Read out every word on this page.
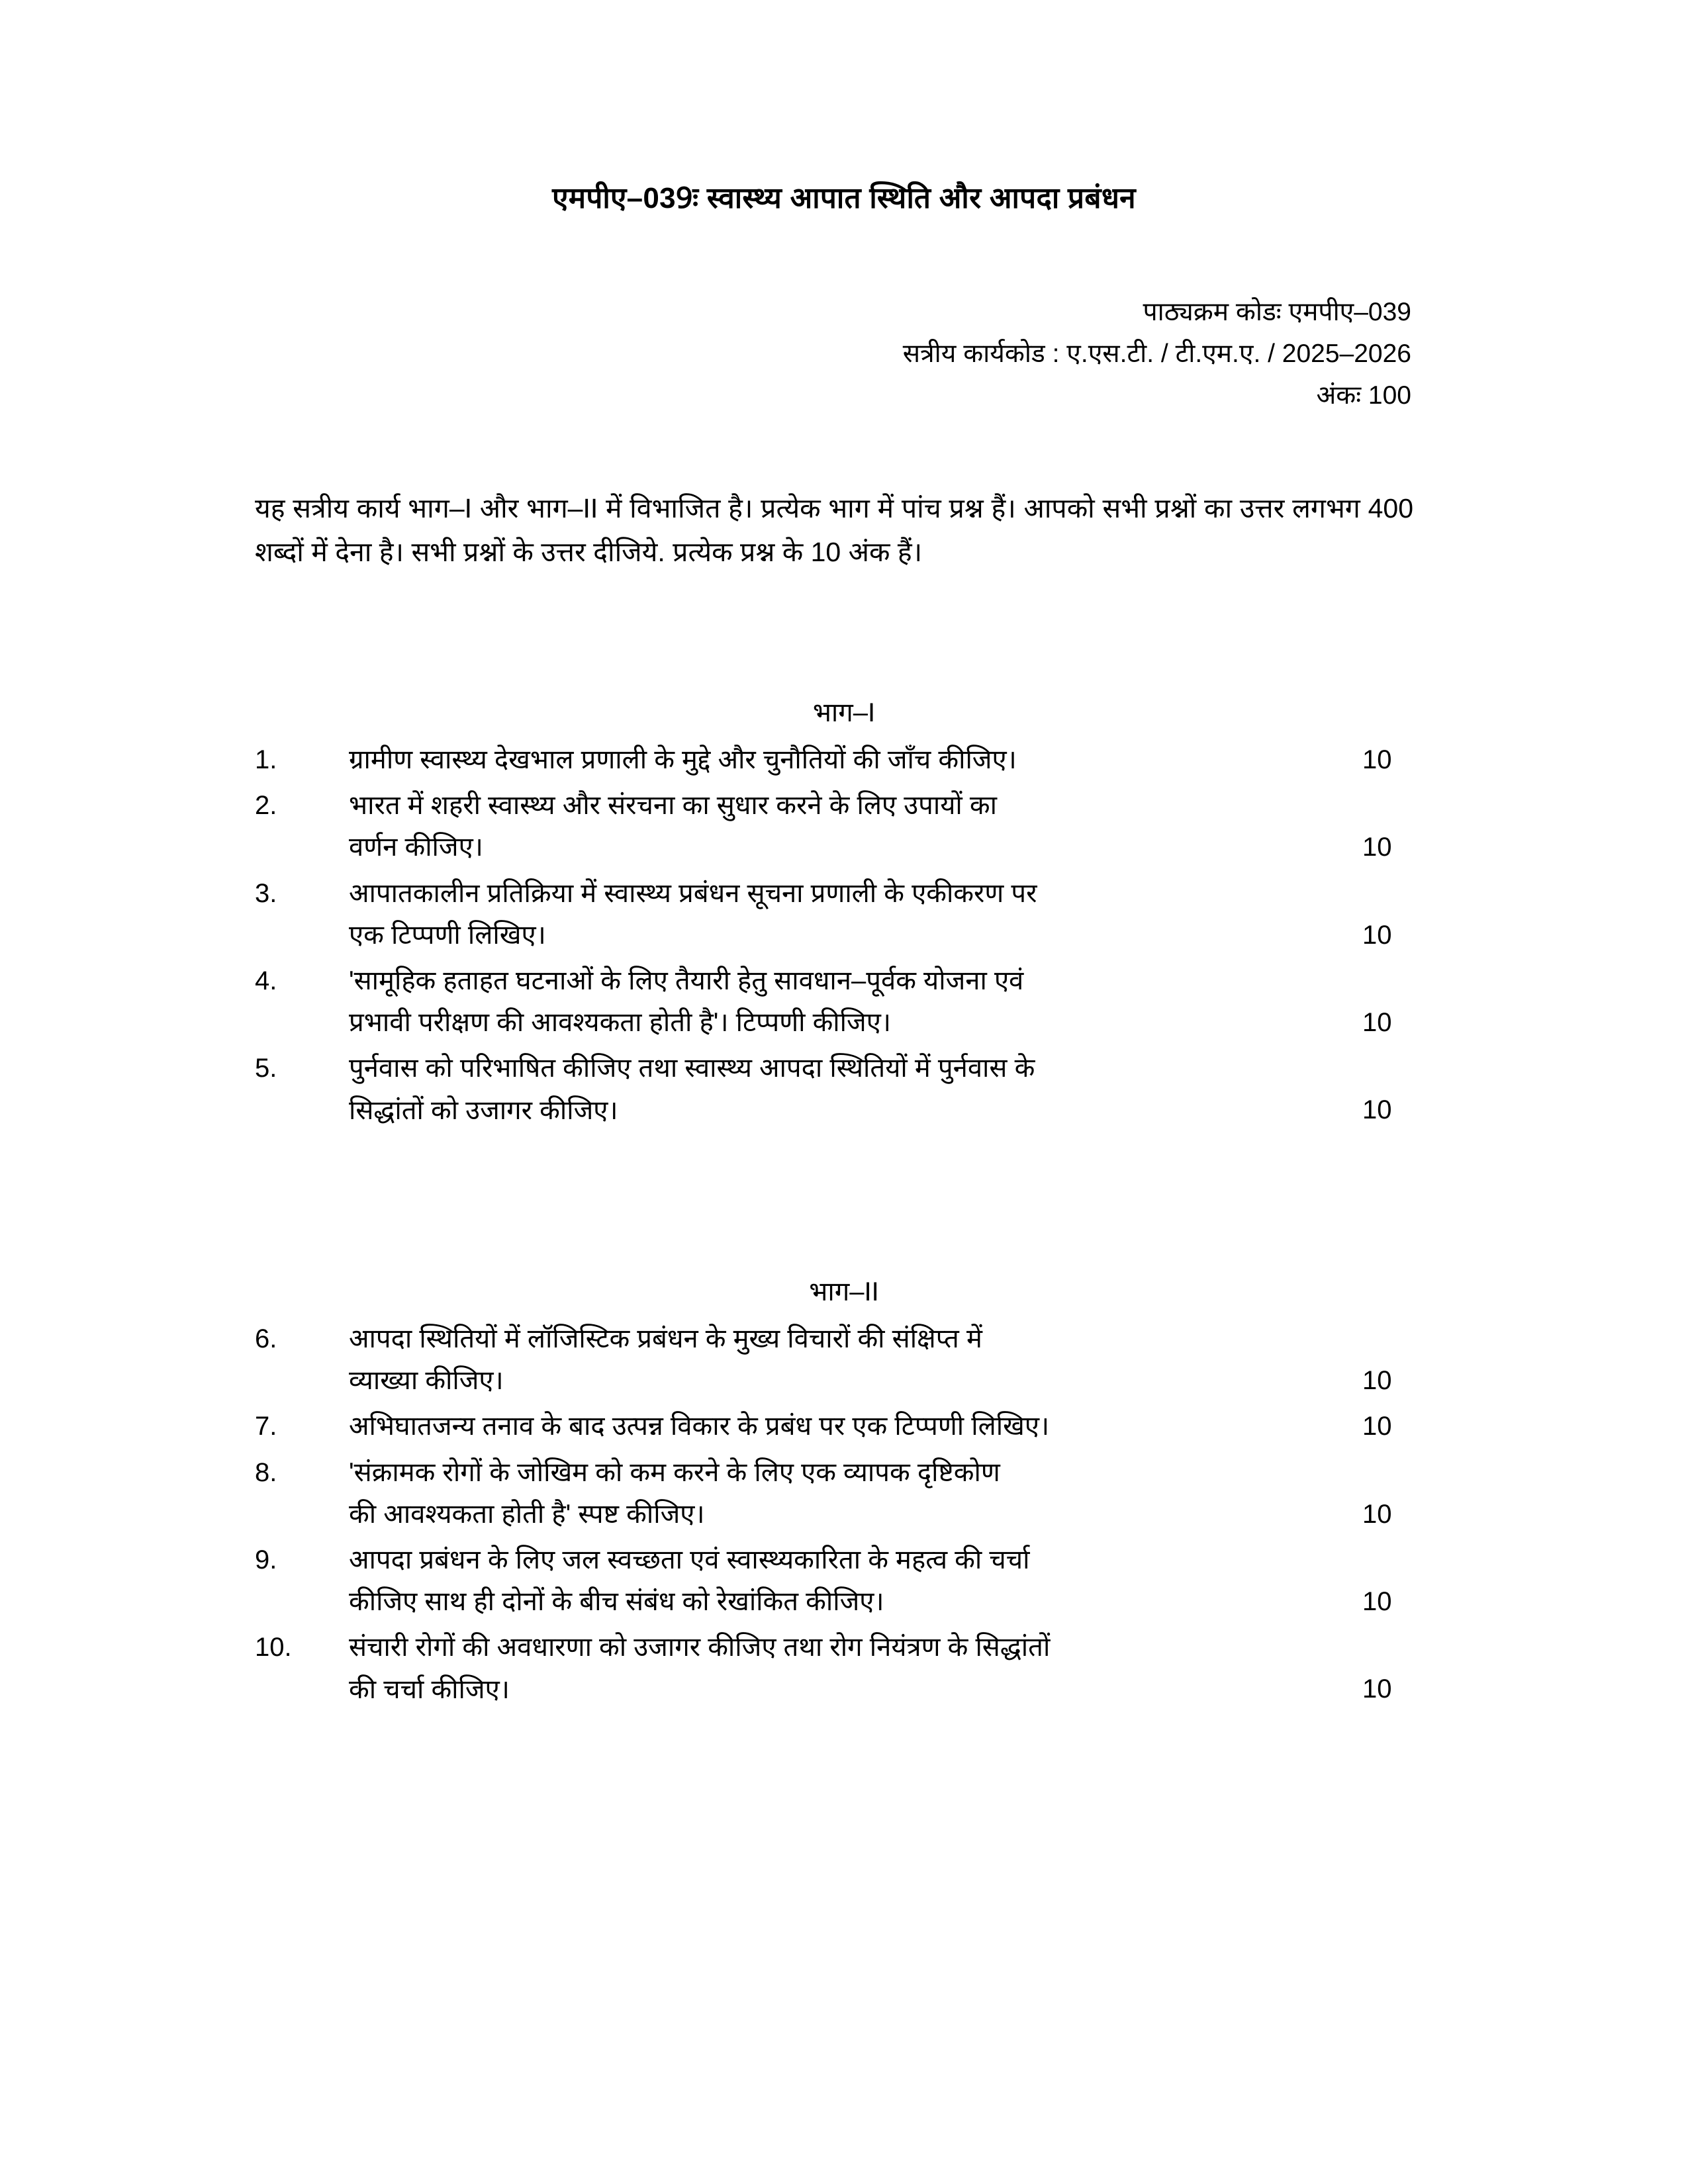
एमपीए–039ः स्वास्थ्य आपात स्थिति और आपदा प्रबंधन
पाठ्यक्रम कोडः एमपीए–039
सत्रीय कार्यकोड : ए.एस.टी. / टी.एम.ए. / 2025–2026
अंकः 100
यह सत्रीय कार्य भाग–I और भाग–II में विभाजित है। प्रत्येक भाग में पांच प्रश्न हैं। आपको सभी प्रश्नों का उत्तर लगभग 400 शब्दों में देना है। सभी प्रश्नों के उत्तर दीजिये. प्रत्येक प्रश्न के 10 अंक हैं।
भाग–I
1.	ग्रामीण स्वास्थ्य देखभाल प्रणाली के मुद्दे और चुनौतियों की जाँच कीजिए।	10
2.	भारत में शहरी स्वास्थ्य और संरचना का सुधार करने के लिए उपायों का
वर्णन कीजिए।	10
3.	आपातकालीन प्रतिक्रिया में स्वास्थ्य प्रबंधन सूचना प्रणाली के एकीकरण पर
एक टिप्पणी लिखिए।	10
4.	'सामूहिक हताहत घटनाओं के लिए तैयारी हेतु सावधान–पूर्वक योजना एवं
प्रभावी परीक्षण की आवश्यकता होती है'। टिप्पणी कीजिए।	10
5.	पुर्नवास को परिभाषित कीजिए तथा स्वास्थ्य आपदा स्थितियों में पुर्नवास के
सिद्धांतों को उजागर कीजिए।	10
भाग–II
6.	आपदा स्थितियों में लॉजिस्टिक प्रबंधन के मुख्य विचारों की संक्षिप्त में
व्याख्या कीजिए।	10
7.	अभिघातजन्य तनाव के बाद उत्पन्न विकार के प्रबंध पर एक टिप्पणी लिखिए।	10
8.	'संक्रामक रोगों के जोखिम को कम करने के लिए एक व्यापक दृष्टिकोण
की आवश्यकता होती है' स्पष्ट कीजिए।	10
9.	आपदा प्रबंधन के लिए जल स्वच्छता एवं स्वास्थ्यकारिता के महत्व की चर्चा
कीजिए साथ ही दोनों के बीच संबंध को रेखांकित कीजिए।	10
10.	संचारी रोगों की अवधारणा को उजागर कीजिए तथा रोग नियंत्रण के सिद्धांतों
की चर्चा कीजिए।	10
